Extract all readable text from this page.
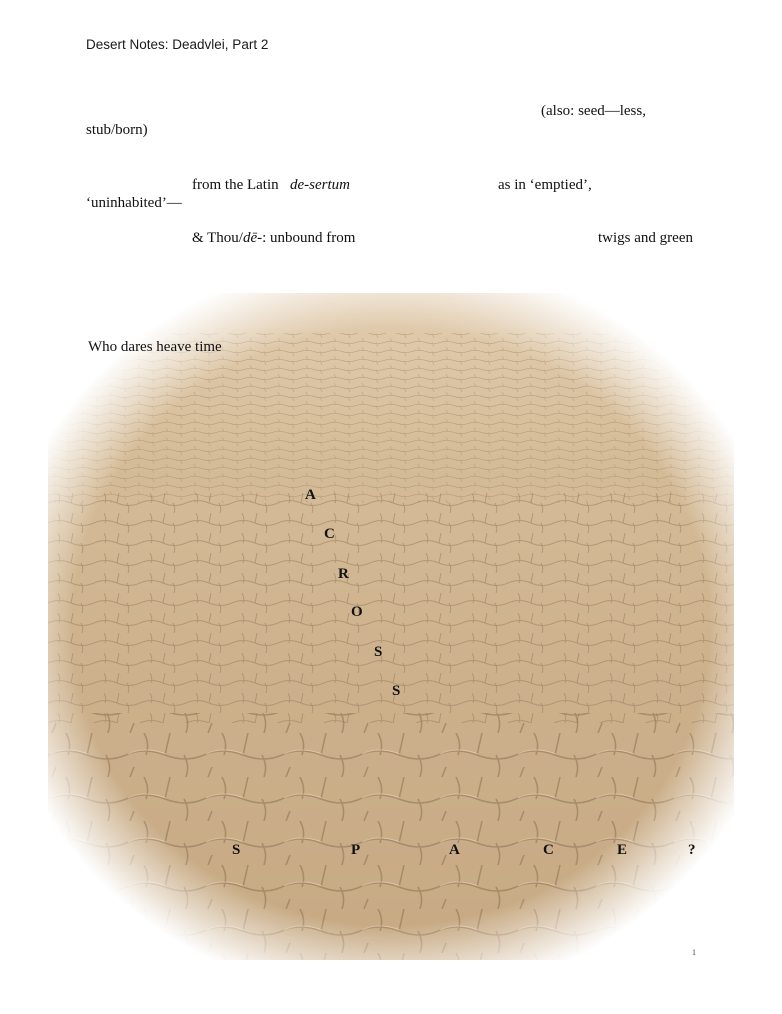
Desert Notes: Deadvlei, Part 2
(also: seed—less,
stub/born)
from the Latin de-sertum	as in ‘emptied’,
‘uninhabited’—
& Thou/dē-: unbound from	twigs and green
Who dares heave time
A
C
R
O
S
S
S	P	A	C	E	?
1
